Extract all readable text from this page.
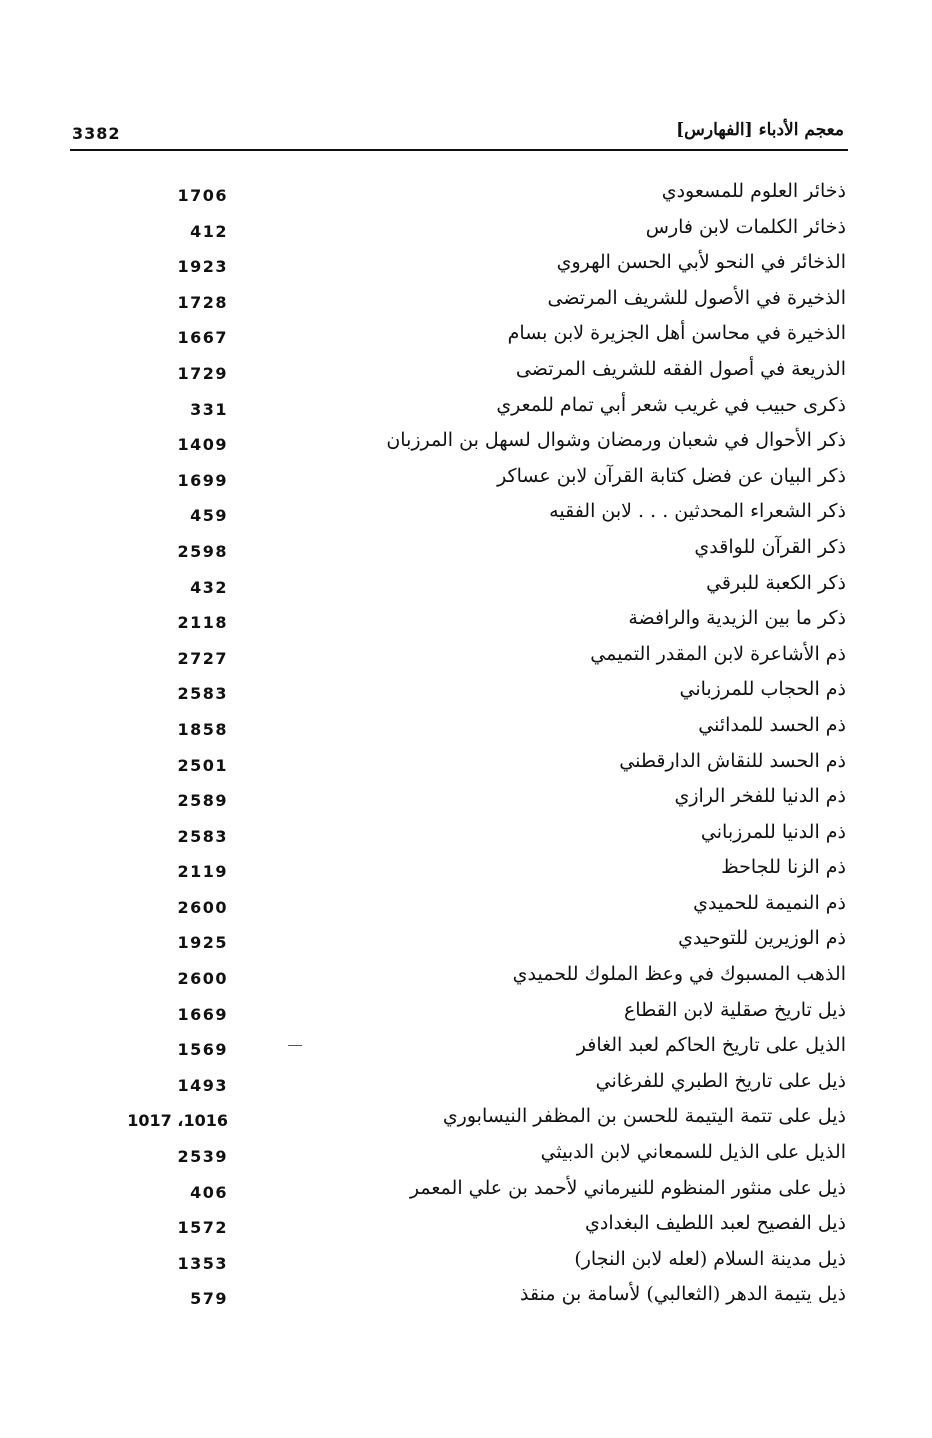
3382	معجم الأدباء [الفهارس]
ذخائر العلوم للمسعودي
1706
ذخائر الكلمات لابن فارس
412
الذخائر في النحو لأبي الحسن الهروي
1923
الذخيرة في الأصول للشريف المرتضى
1728
الذخيرة في محاسن أهل الجزيرة لابن بسام
1667
الذريعة في أصول الفقه للشريف المرتضى
1729
ذكرى حبيب في غريب شعر أبي تمام للمعري
331
ذكر الأحوال في شعبان ورمضان وشوال لسهل بن المرزبان
1409
ذكر البيان عن فضل كتابة القرآن لابن عساكر
1699
ذكر الشعراء المحدثين . . . لابن الفقيه
459
ذكر القرآن للواقدي
2598
ذكر الكعبة للبرقي
432
ذكر ما بين الزيدية والرافضة
2118
ذم الأشاعرة لابن المقدر التميمي
2727
ذم الحجاب للمرزباني
2583
ذم الحسد للمدائني
1858
ذم الحسد للنقاش الدارقطني
2501
ذم الدنيا للفخر الرازي
2589
ذم الدنيا للمرزباني
2583
ذم الزنا للجاحظ
2119
ذم النميمة للحميدي
2600
ذم الوزيرين للتوحيدي
1925
الذهب المسبوك في وعظ الملوك للحميدي
2600
ذيل تاريخ صقلية لابن القطاع
1669
الذيل على تاريخ الحاكم لعبد الغافر
1569
ذيل على تاريخ الطبري للفرغاني
1493
ذيل على تتمة اليتيمة للحسن بن المظفر النيسابوري
1016، 1017
الذيل على الذيل للسمعاني لابن الدبيثي
2539
ذيل على منثور المنظوم للنيرماني لأحمد بن علي المعمر
406
ذيل الفصيح لعبد اللطيف البغدادي
1572
ذيل مدينة السلام (لعله لابن النجار)
1353
ذيل يتيمة الدهر (الثعالبي) لأسامة بن منقذ
579
